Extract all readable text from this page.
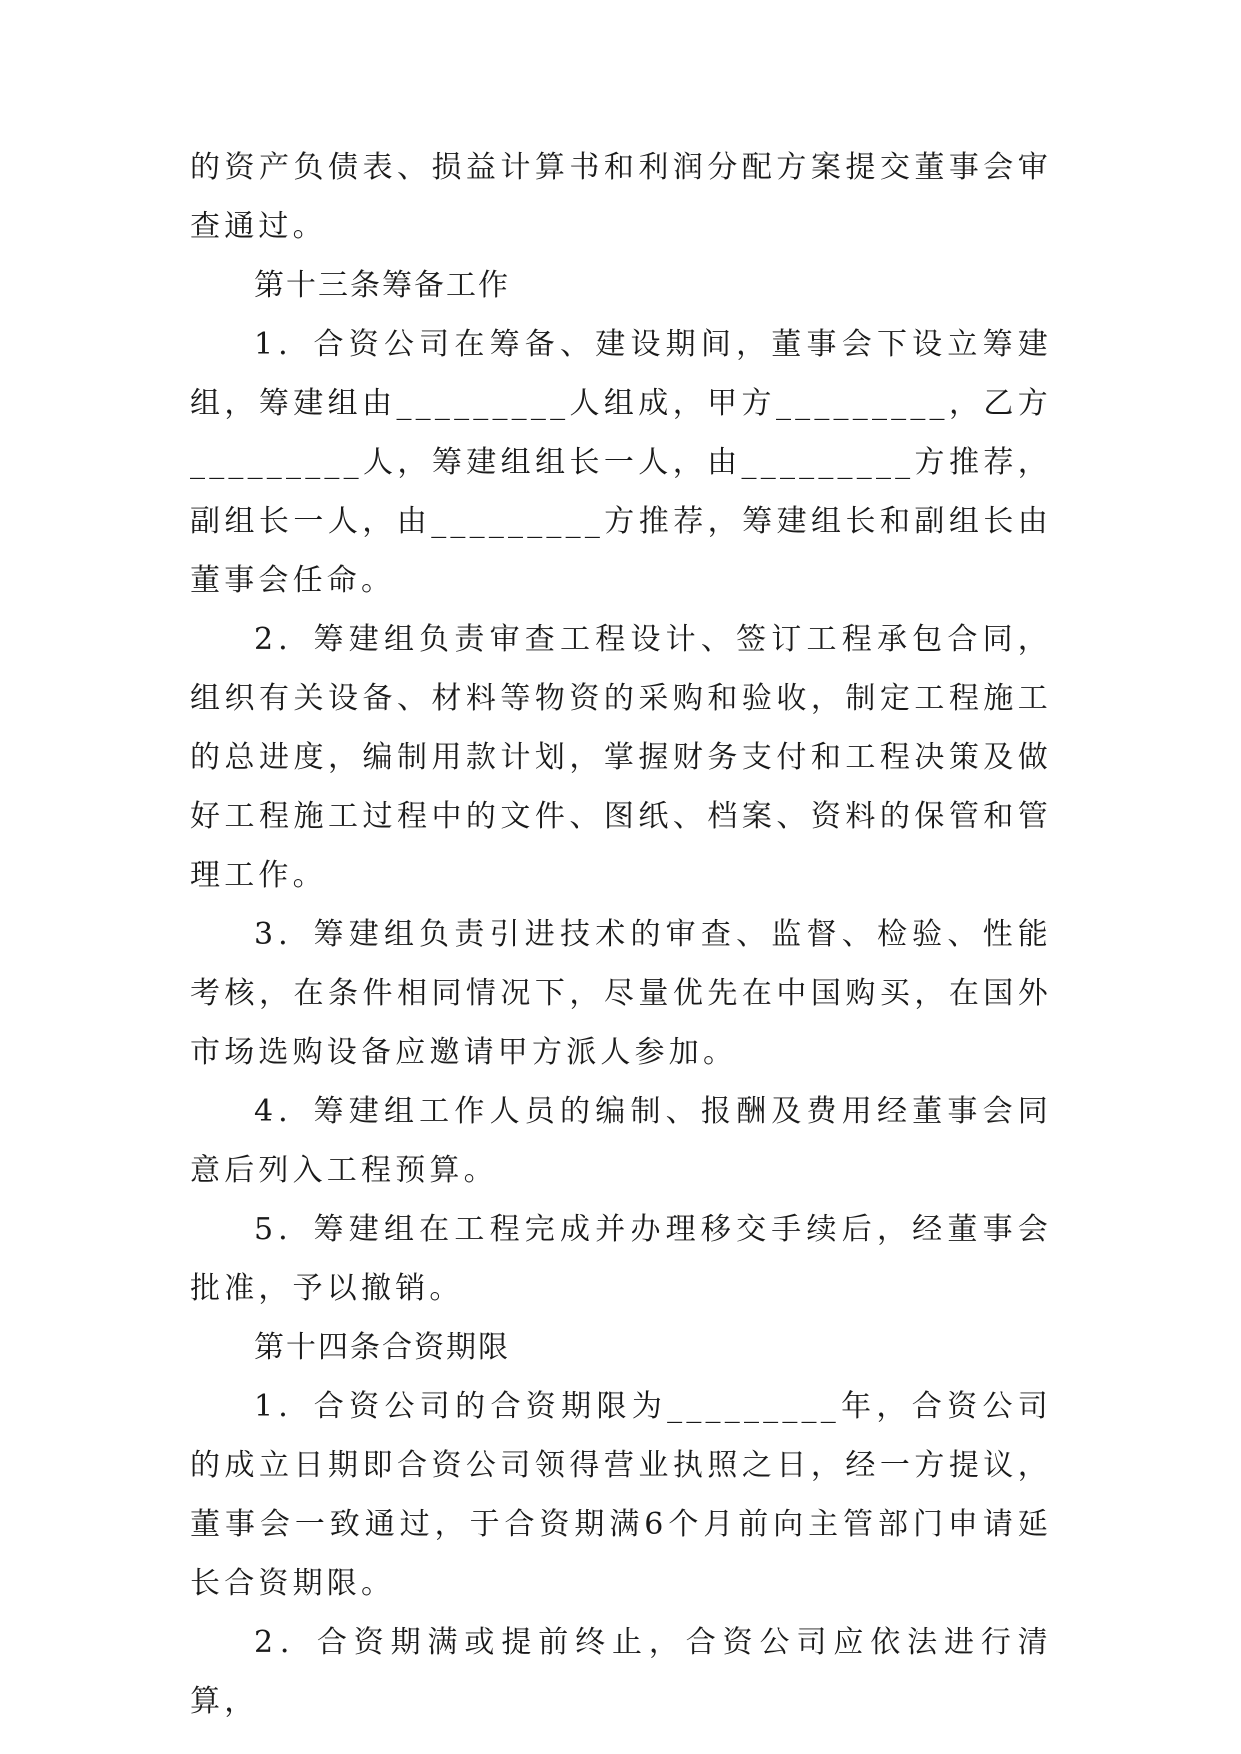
的资产负债表、损益计算书和利润分配方案提交董事会审查通过。

第十三条筹备工作

1．合资公司在筹备、建设期间，董事会下设立筹建组，筹建组由_________人组成，甲方_________，乙方_________人，筹建组组长一人，由_________方推荐，副组长一人，由_________方推荐，筹建组长和副组长由董事会任命。

2．筹建组负责审查工程设计、签订工程承包合同，组织有关设备、材料等物资的采购和验收，制定工程施工的总进度，编制用款计划，掌握财务支付和工程决策及做好工程施工过程中的文件、图纸、档案、资料的保管和管理工作。

3．筹建组负责引进技术的审查、监督、检验、性能考核，在条件相同情况下，尽量优先在中国购买，在国外市场选购设备应邀请甲方派人参加。

4．筹建组工作人员的编制、报酬及费用经董事会同意后列入工程预算。

5．筹建组在工程完成并办理移交手续后，经董事会批准，予以撤销。

第十四条合资期限

1．合资公司的合资期限为_________年，合资公司的成立日期即合资公司领得营业执照之日，经一方提议，董事会一致通过，于合资期满6个月前向主管部门申请延长合资期限。

2．合资期满或提前终止，合资公司应依法进行清算，
